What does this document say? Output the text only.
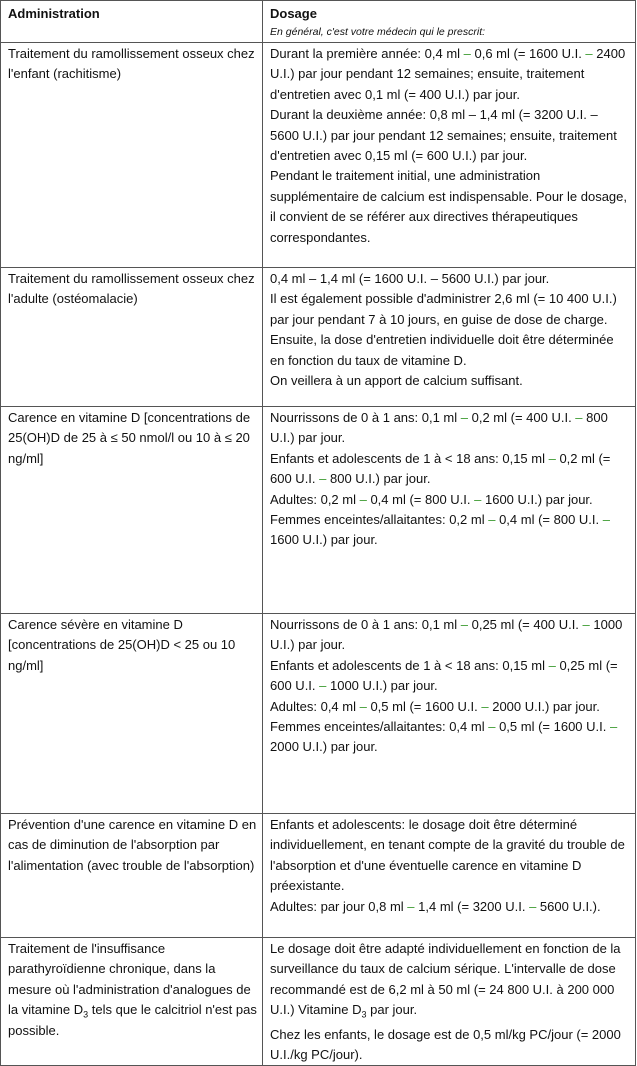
Administration	Dosage
En général, c'est votre médecin qui le prescrit:

Traitement du ramollissement osseux chez l'enfant (rachitisme)	Durant la première année: 0,4 ml – 0,6 ml (= 1600 U.I. – 2400 U.I.) par jour pendant 12 semaines; ensuite, traitement d'entretien avec 0,1 ml (= 400 U.I.) par jour.

Durant la deuxième année: 0,8 ml – 1,4 ml (= 3200 U.I. – 5600 U.I.) par jour pendant 12 semaines; ensuite, traitement d'entretien avec 0,15 ml (= 600 U.I.) par jour.

Pendant le traitement initial, une administration supplémentaire de calcium est indispensable. Pour le dosage, il convient de se référer aux directives thérapeutiques correspondantes.

Traitement du ramollissement osseux chez l'adulte (ostéomalacie)	0,4 ml – 1,4 ml (= 1600 U.I. – 5600 U.I.) par jour.

Il est également possible d'administrer 2,6 ml (= 10 400 U.I.) par jour pendant 7 à 10 jours, en guise de dose de charge. Ensuite, la dose d'entretien individuelle doit être déterminée en fonction du taux de vitamine D.

On veillera à un apport de calcium suffisant.

Carence en vitamine D [concentrations de 25(OH)D de 25 à ≤ 50 nmol/l ou 10 à ≤ 20 ng/ml]	Nourrissons de 0 à 1 ans: 0,1 ml – 0,2 ml (= 400 U.I. – 800 U.I.) par jour.

Enfants et adolescents de 1 à < 18 ans: 0,15 ml – 0,2 ml (= 600 U.I. – 800 U.I.) par jour.

Adultes: 0,2 ml – 0,4 ml (= 800 U.I. – 1600 U.I.) par jour.

Femmes enceintes/allaitantes: 0,2 ml – 0,4 ml (= 800 U.I. – 1600 U.I.) par jour.

Carence sévère en vitamine D [concentrations de 25(OH)D < 25 ou 10 ng/ml]	Nourrissons de 0 à 1 ans: 0,1 ml – 0,25 ml (= 400 U.I. – 1000 U.I.) par jour.

Enfants et adolescents de 1 à < 18 ans: 0,15 ml – 0,25 ml (= 600 U.I. – 1000 U.I.) par jour.

Adultes: 0,4 ml – 0,5 ml (= 1600 U.I. – 2000 U.I.) par jour.

Femmes enceintes/allaitantes: 0,4 ml – 0,5 ml (= 1600 U.I. – 2000 U.I.) par jour.

Prévention d'une carence en vitamine D en cas de diminution de l'absorption par l'alimentation (avec trouble de l'absorption)	Enfants et adolescents: le dosage doit être déterminé individuellement, en tenant compte de la gravité du trouble de l'absorption et d'une éventuelle carence en vitamine D préexistante.

Adultes: par jour 0,8 ml – 1,4 ml (= 3200 U.I. – 5600 U.I.).

Traitement de l'insuffisance parathyroïdienne chronique, dans la mesure où l'administration d'analogues de la vitamine $D_3$ tels que le calcitriol n'est pas possible.	Le dosage doit être adapté individuellement en fonction de la surveillance du taux de calcium sérique. L'intervalle de dose recommandé est de 6,2 ml à 50 ml (= 24 800 U.I. à 200 000 U.I.) Vitamine $D_3$ par jour.

Chez les enfants, le dosage est de 0,5 ml/kg PC/jour (= 2000 U.I./kg PC/jour).
